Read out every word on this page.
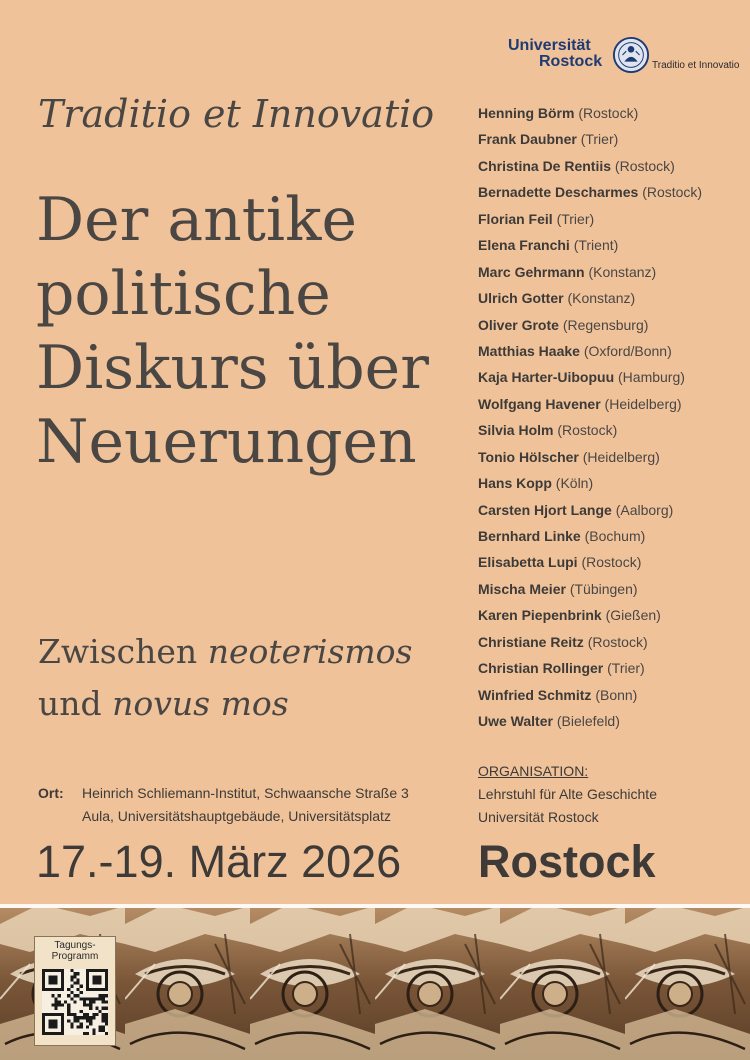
Universität
Rostock	Traditio et Innovatio
Traditio et Innovatio
Der antike
politische
Diskurs über
Neuerungen
Zwischen neoterismos
und novus mos
Henning Börm (Rostock)
Frank Daubner (Trier)
Christina De Rentiis (Rostock)
Bernadette Descharmes (Rostock)
Florian Feil (Trier)
Elena Franchi (Trient)
Marc Gehrmann (Konstanz)
Ulrich Gotter (Konstanz)
Oliver Grote (Regensburg)
Matthias Haake (Oxford/Bonn)
Kaja Harter-Uibopuu (Hamburg)
Wolfgang Havener (Heidelberg)
Silvia Holm (Rostock)
Tonio Hölscher (Heidelberg)
Hans Kopp (Köln)
Carsten Hjort Lange (Aalborg)
Bernhard Linke (Bochum)
Elisabetta Lupi (Rostock)
Mischa Meier (Tübingen)
Karen Piepenbrink (Gießen)
Christiane Reitz (Rostock)
Christian Rollinger (Trier)
Winfried Schmitz (Bonn)
Uwe Walter (Bielefeld)
ORGANISATION:
Lehrstuhl für Alte Geschichte
Universität Rostock
Ort: Heinrich Schliemann-Institut, Schwaansche Straße 3
Aula, Universitätshauptgebäude, Universitätsplatz
17.-19. März 2026 Rostock
Tagungs-
Programm
